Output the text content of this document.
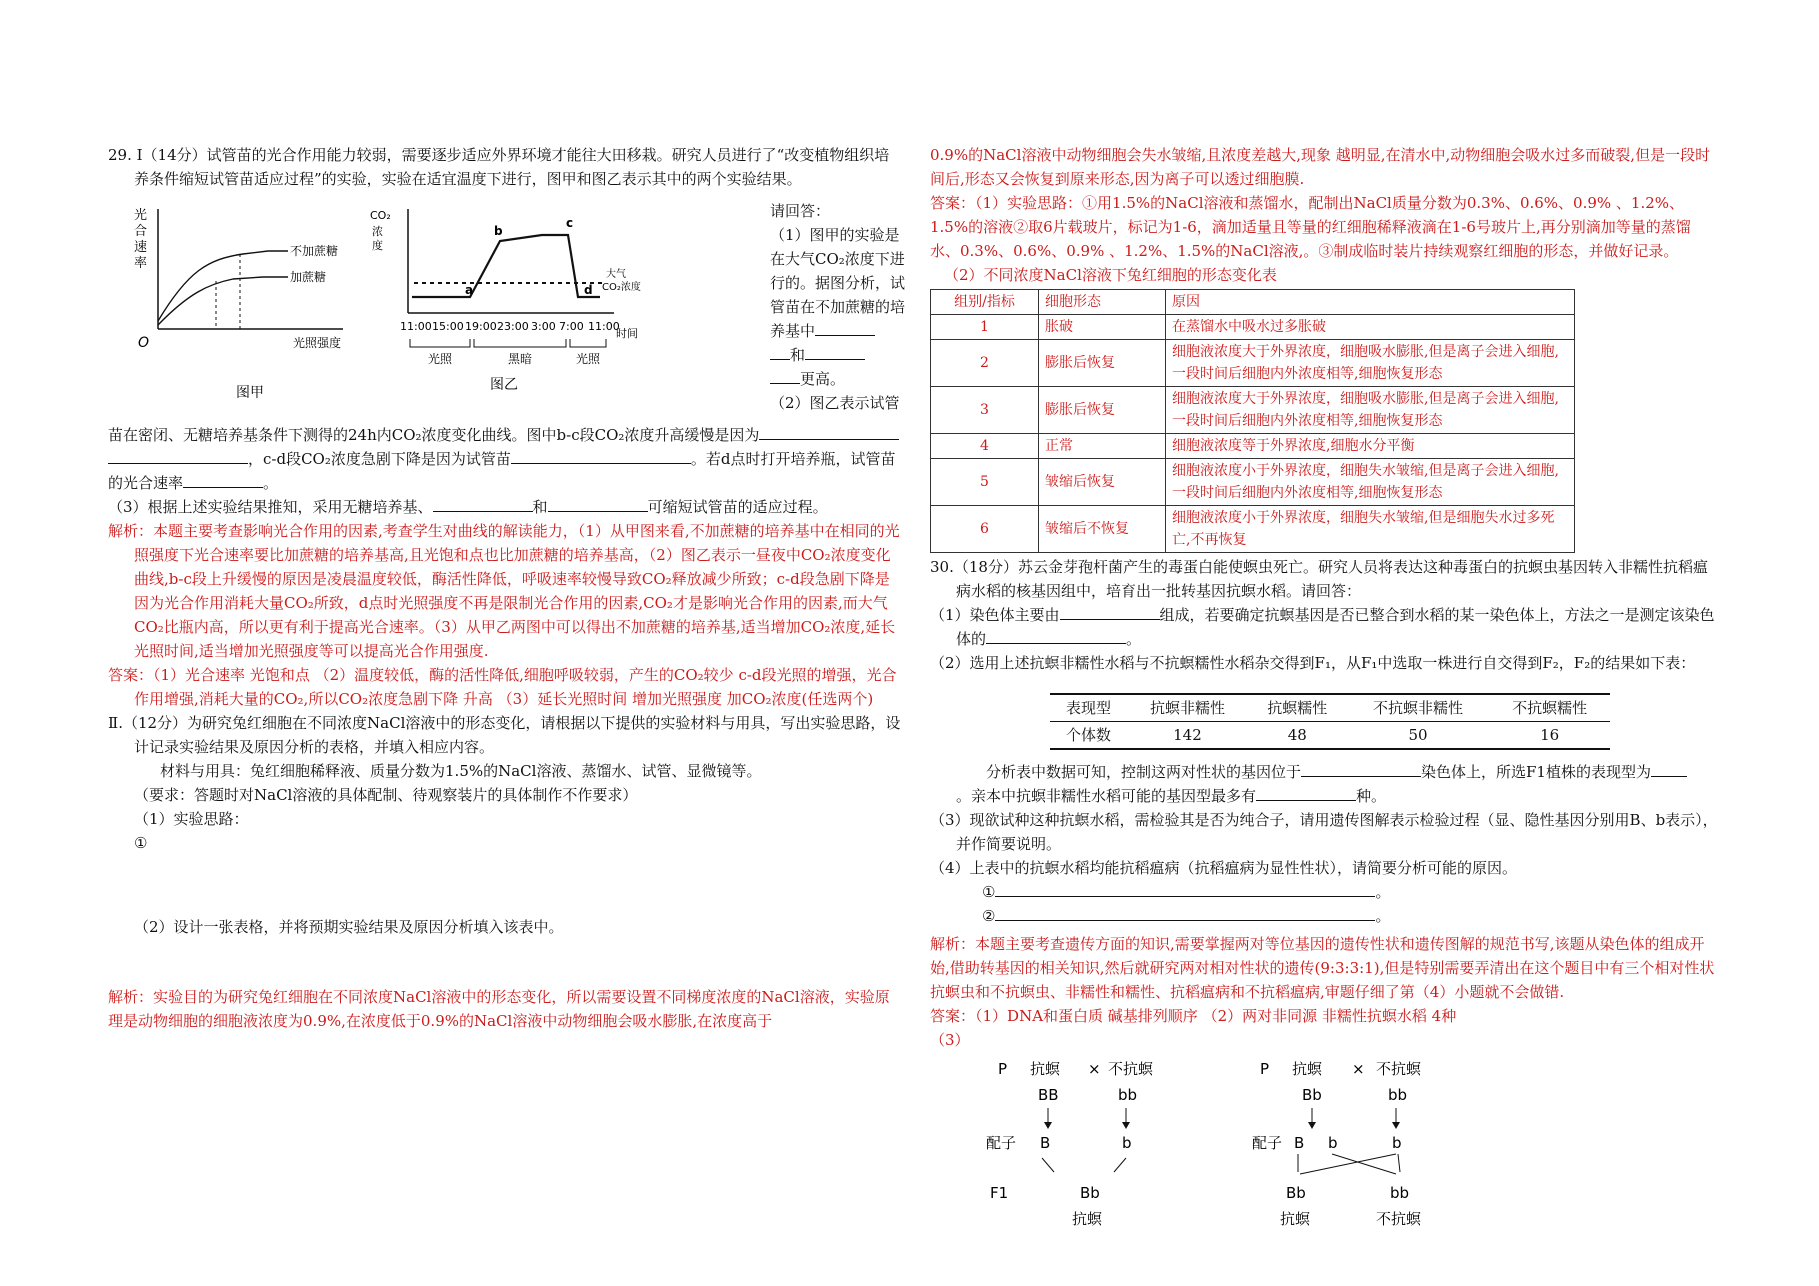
29. Ⅰ（14分）试管苗的光合作用能力较弱，需要逐步适应外界环境才能往大田移栽。研究人员进行了“改变植物组织培养条件缩短试管苗适应过程”的实验，实验在适宜温度下进行，图甲和图乙表示其中的两个实验结果。

光
合
速
率
O
不加蔗糖
加蔗糖
光照强度
图甲
CO₂
浓
度
a
b
c
d
大气
CO₂浓度
11:00 15:00 19:00 23:00 3:00 7:00 11:00
时间
光照	黑暗	光照
图乙

请回答：

（1）图甲的实验是在大气CO₂浓度下进行的。据图分析，试管苗在不加蔗糖的培养基中

和

更高。

（2）图乙表示试管

苗在密闭、无糖培养基条件下测得的24h内CO₂浓度变化曲线。图中b-c段CO₂浓度升高缓慢是因为

，c-d段CO₂浓度急剧下降是因为试管苗	。若d点时打开培养瓶，试管苗的光合速率	。

（3）根据上述实验结果推知，采用无糖培养基、	和	可缩短试管苗的适应过程。

解析：本题主要考查影响光合作用的因素,考查学生对曲线的解读能力，（1）从甲图来看,不加蔗糖的培养基中在相同的光照强度下光合速率要比加蔗糖的培养基高,且光饱和点也比加蔗糖的培养基高，（2）图乙表示一昼夜中CO₂浓度变化曲线,b-c段上升缓慢的原因是凌晨温度较低，酶活性降低，呼吸速率较慢导致CO₂释放减少所致；c-d段急剧下降是因为光合作用消耗大量CO₂所致，d点时光照强度不再是限制光合作用的因素,CO₂才是影响光合作用的因素,而大气CO₂比瓶内高，所以更有利于提高光合速率。（3）从甲乙两图中可以得出不加蔗糖的培养基,适当增加CO₂浓度,延长光照时间,适当增加光照强度等可以提高光合作用强度.

答案：（1）光合速率 光饱和点 （2）温度较低，酶的活性降低,细胞呼吸较弱，产生的CO₂较少 c-d段光照的增强，光合作用增强,消耗大量的CO₂,所以CO₂浓度急剧下降 升高 （3）延长光照时间 增加光照强度 加CO₂浓度(任选两个)

Ⅱ.（12分）为研究兔红细胞在不同浓度NaCl溶液中的形态变化，请根据以下提供的实验材料与用具，写出实验思路，设计记录实验结果及原因分析的表格，并填入相应内容。

材料与用具：兔红细胞稀释液、质量分数为1.5%的NaCl溶液、蒸馏水、试管、显微镜等。

（要求：答题时对NaCl溶液的具体配制、待观察装片的具体制作不作要求）

（1）实验思路：

①

（2）设计一张表格，并将预期实验结果及原因分析填入该表中。

解析：实验目的为研究兔红细胞在不同浓度NaCl溶液中的形态变化，所以需要设置不同梯度浓度的NaCl溶液，实验原理是动物细胞的细胞液浓度为0.9%,在浓度低于0.9%的NaCl溶液中动物细胞会吸水膨胀,在浓度高于

0.9%的NaCl溶液中动物细胞会失水皱缩,且浓度差越大,现象 越明显,在清水中,动物细胞会吸水过多而破裂,但是一段时间后,形态又会恢复到原来形态,因为离子可以透过细胞膜.

答案：（1）实验思路：①用1.5%的NaCl溶液和蒸馏水，配制出NaCl质量分数为0.3%、0.6%、0.9% 、1.2%、1.5%的溶液②取6片载玻片，标记为1-6，滴加适量且等量的红细胞稀释液滴在1-6号玻片上,再分别滴加等量的蒸馏水、0.3%、0.6%、0.9% 、1.2%、1.5%的NaCl溶液,。③制成临时装片持续观察红细胞的形态，并做好记录。

（2）不同浓度NaCl溶液下兔红细胞的形态变化表

组别/指标	细胞形态	原因
1	胀破	在蒸馏水中吸水过多胀破
2	膨胀后恢复	细胞液浓度大于外界浓度，细胞吸水膨胀,但是离子会进入细胞,一段时间后细胞内外浓度相等,细胞恢复形态
3	膨胀后恢复	细胞液浓度大于外界浓度，细胞吸水膨胀,但是离子会进入细胞,一段时间后细胞内外浓度相等,细胞恢复形态
4	正常	细胞液浓度等于外界浓度,细胞水分平衡
5	皱缩后恢复	细胞液浓度小于外界浓度，细胞失水皱缩,但是离子会进入细胞,一段时间后细胞内外浓度相等,细胞恢复形态
6	皱缩后不恢复	细胞液浓度小于外界浓度，细胞失水皱缩,但是细胞失水过多死亡,不再恢复

30.（18分）苏云金芽孢杆菌产生的毒蛋白能使螟虫死亡。研究人员将表达这种毒蛋白的抗螟虫基因转入非糯性抗稻瘟病水稻的核基因组中，培育出一批转基因抗螟水稻。请回答：

（1）染色体主要由	组成，若要确定抗螟基因是否已整合到水稻的某一染色体上，方法之一是测定该染色体的	。

（2）选用上述抗螟非糯性水稻与不抗螟糯性水稻杂交得到F₁，从F₁中选取一株进行自交得到F₂，F₂的结果如下表：

表现型	抗螟非糯性	抗螟糯性	不抗螟非糯性	不抗螟糯性
个体数	142	48	50	16

分析表中数据可知，控制这两对性状的基因位于	染色体上，所选F1植株的表现型为

。亲本中抗螟非糯性水稻可能的基因型最多有	种。

（3）现欲试种这种抗螟水稻，需检验其是否为纯合子，请用遗传图解表示检验过程（显、隐性基因分别用B、b表示），并作简要说明。

（4）上表中的抗螟水稻均能抗稻瘟病（抗稻瘟病为显性性状），请简要分析可能的原因。

①	。

②	。

解析：本题主要考查遗传方面的知识,需要掌握两对等位基因的遗传性状和遗传图解的规范书写,该题从染色体的组成开始,借助转基因的相关知识,然后就研究两对相对性状的遗传(9:3:3:1),但是特别需要弄清出在这个题目中有三个相对性状抗螟虫和不抗螟虫、非糯性和糯性、抗稻瘟病和不抗稻瘟病,审题仔细了第（4）小题就不会做错.

答案：（1）DNA和蛋白质 碱基排列顺序 （2）两对非同源 非糯性抗螟水稻 4种

（3）

P 抗螟 × 不抗螟
BB	bb
配子 B	b
F1	Bb
抗螟
P 抗螟 × 不抗螟
Bb	bb
配子 B b	b
Bb	bb
抗螟	不抗螟
